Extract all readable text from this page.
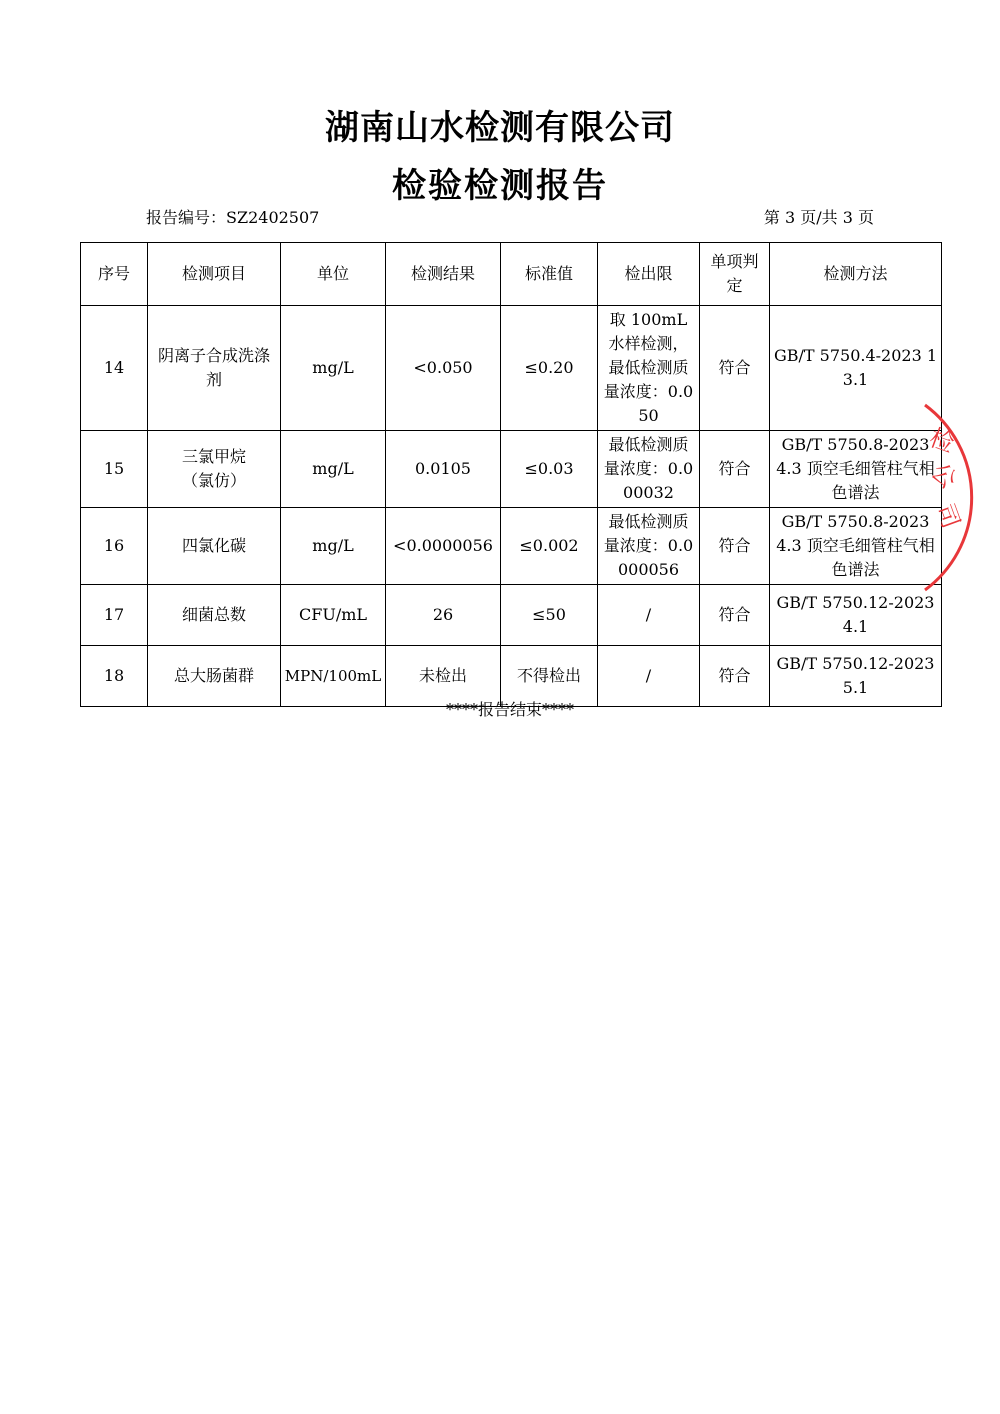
湖南山水检测有限公司
检验检测报告
报告编号：SZ2402507	第 3 页/共 3 页
序号	检测项目	单位	检测结果	标准值	检出限	单项判定	检测方法
14	阴离子合成洗涤剂	mg/L	<0.050	≤0.20	取 100mL 水样检测，最低检测质量浓度：0.050	符合	GB/T 5750.4-2023 13.1
15	三氯甲烷（氯仿）	mg/L	0.0105	≤0.03	最低检测质量浓度：0.000032	符合	GB/T 5750.8-2023 4.3 顶空毛细管柱气相色谱法
16	四氯化碳	mg/L	<0.0000056	≤0.002	最低检测质量浓度：0.0000056	符合	GB/T 5750.8-2023 4.3 顶空毛细管柱气相色谱法
17	细菌总数	CFU/mL	26	≤50	/	符合	GB/T 5750.12-2023 4.1
18	总大肠菌群	MPN/100mL	未检出	不得检出	/	符合	GB/T 5750.12-2023 5.1
****报告结束****
检
公
司
